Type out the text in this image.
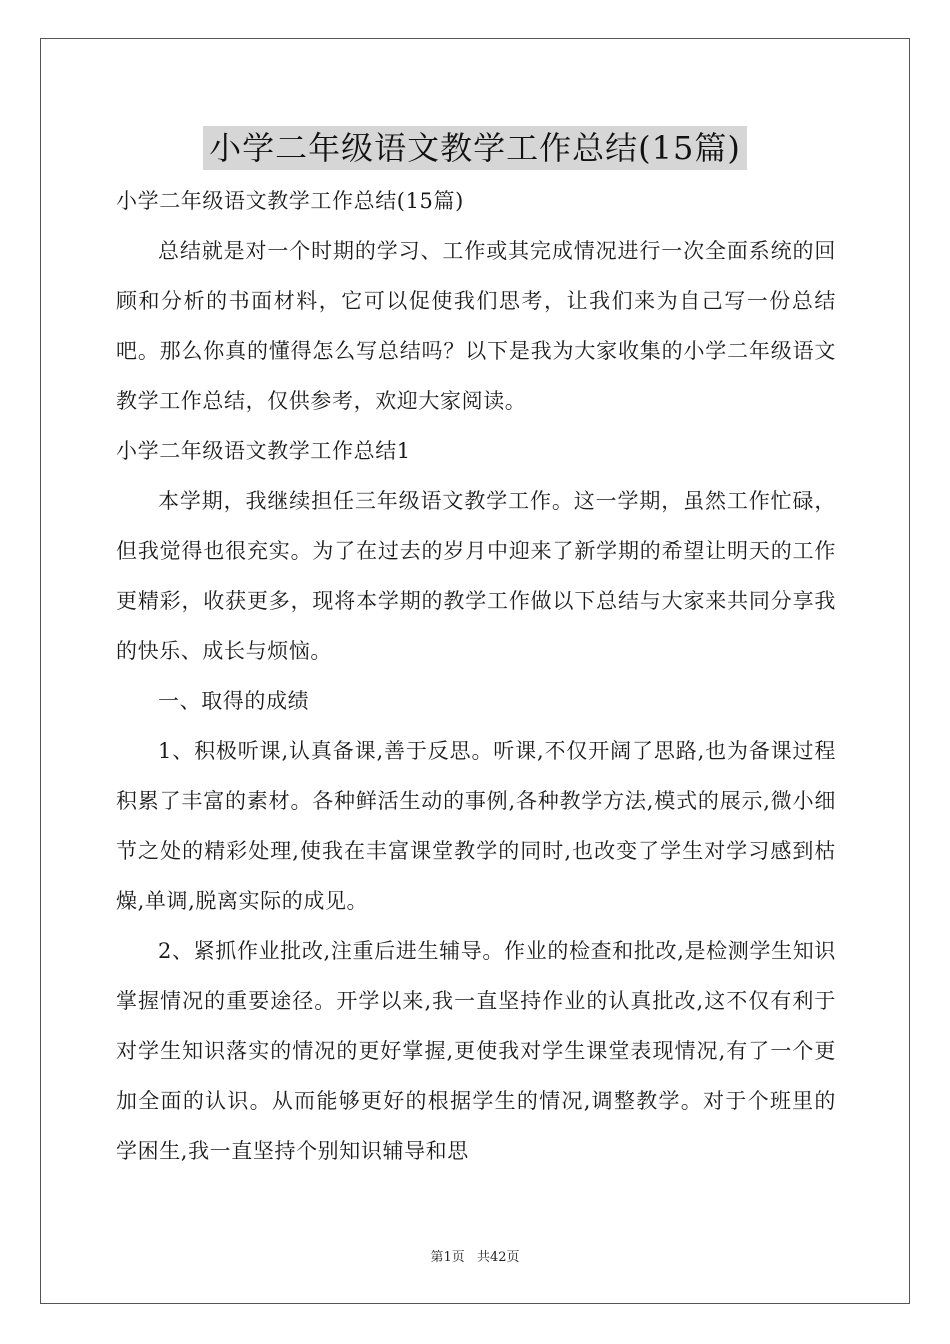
小学二年级语文教学工作总结(15篇)

小学二年级语文教学工作总结(15篇)

总结就是对一个时期的学习、工作或其完成情况进行一次全面系统的回顾和分析的书面材料，它可以促使我们思考，让我们来为自己写一份总结吧。那么你真的懂得怎么写总结吗？以下是我为大家收集的小学二年级语文教学工作总结，仅供参考，欢迎大家阅读。

小学二年级语文教学工作总结1

本学期，我继续担任三年级语文教学工作。这一学期，虽然工作忙碌，但我觉得也很充实。为了在过去的岁月中迎来了新学期的希望让明天的工作更精彩，收获更多，现将本学期的教学工作做以下总结与大家来共同分享我的快乐、成长与烦恼。

一、取得的成绩

1、积极听课,认真备课,善于反思。听课,不仅开阔了思路,也为备课过程积累了丰富的素材。各种鲜活生动的事例,各种教学方法,模式的展示,微小细节之处的精彩处理,使我在丰富课堂教学的同时,也改变了学生对学习感到枯燥,单调,脱离实际的成见。

2、紧抓作业批改,注重后进生辅导。作业的检查和批改,是检测学生知识掌握情况的重要途径。开学以来,我一直坚持作业的认真批改,这不仅有利于对学生知识落实的情况的更好掌握,更使我对学生课堂表现情况,有了一个更加全面的认识。从而能够更好的根据学生的情况,调整教学。对于个班里的学困生,我一直坚持个别知识辅导和思

第1页 共42页
